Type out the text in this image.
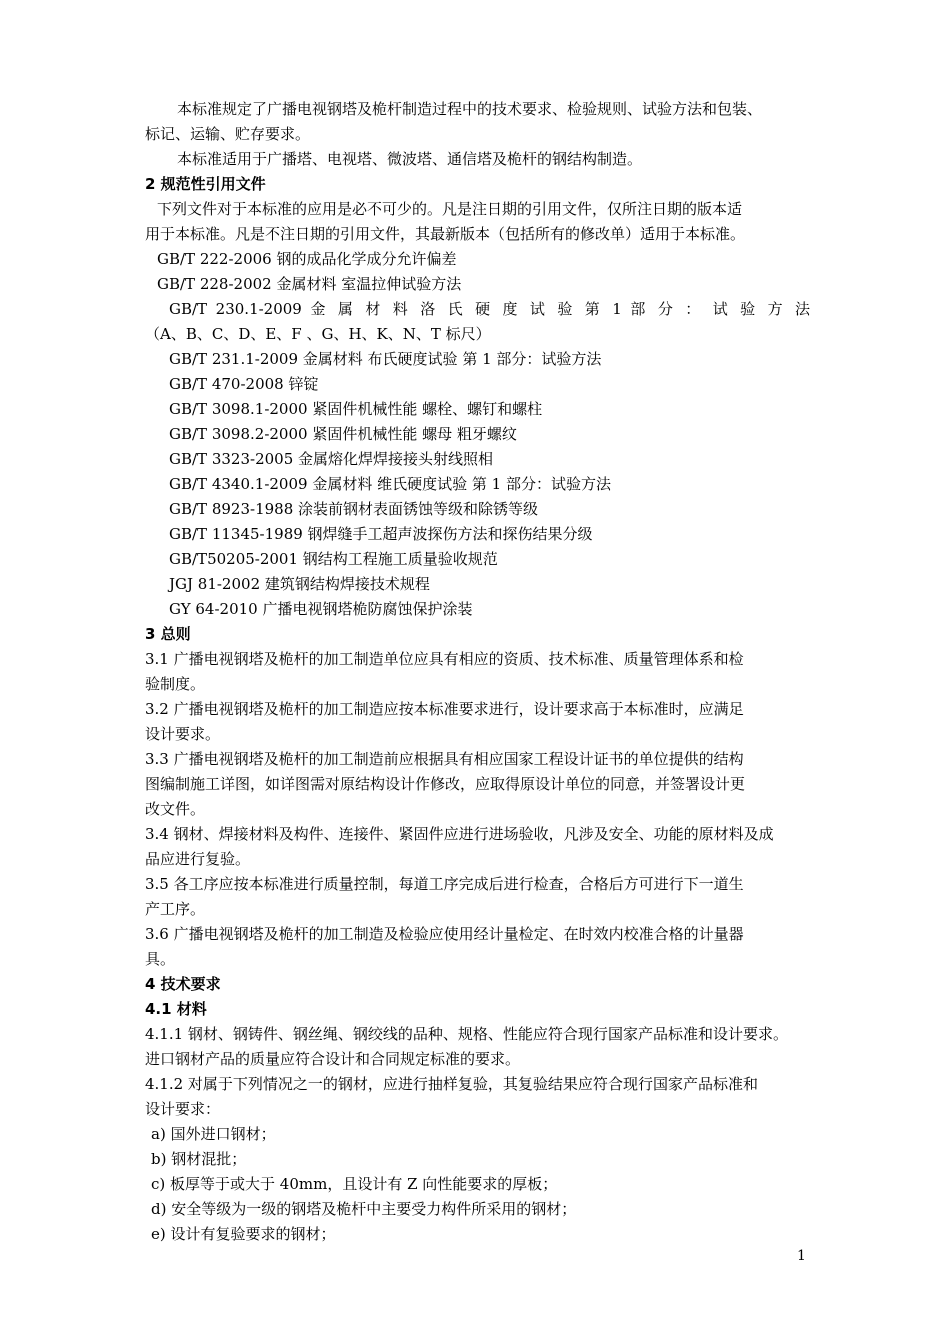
本标准规定了广播电视钢塔及桅杆制造过程中的技术要求、检验规则、试验方法和包装、
标记、运输、贮存要求。
本标准适用于广播塔、电视塔、微波塔、通信塔及桅杆的钢结构制造。
2 规范性引用文件
下列文件对于本标准的应用是必不可少的。凡是注日期的引用文件，仅所注日期的版本适
用于本标准。凡是不注日期的引用文件，其最新版本（包括所有的修改单）适用于本标准。
GB/T 222-2006 钢的成品化学成分允许偏差
GB/T 228-2002 金属材料 室温拉伸试验方法
GB/T 230.1-2009 金 属 材 料 洛 氏 硬 度 试 验 第 1 部 分 ： 试 验 方 法
（A、B、C、D、E、F 、G、H、K、N、T 标尺）
GB/T 231.1-2009 金属材料 布氏硬度试验 第 1 部分：试验方法
GB/T 470-2008 锌锭
GB/T 3098.1-2000 紧固件机械性能 螺栓、螺钉和螺柱
GB/T 3098.2-2000 紧固件机械性能 螺母 粗牙螺纹
GB/T 3323-2005 金属熔化焊焊接接头射线照相
GB/T 4340.1-2009 金属材料 维氏硬度试验 第 1 部分：试验方法
GB/T 8923-1988 涂装前钢材表面锈蚀等级和除锈等级
GB/T 11345-1989 钢焊缝手工超声波探伤方法和探伤结果分级
GB/T50205-2001 钢结构工程施工质量验收规范
JGJ 81-2002 建筑钢结构焊接技术规程
GY 64-2010 广播电视钢塔桅防腐蚀保护涂装
3 总则
3.1 广播电视钢塔及桅杆的加工制造单位应具有相应的资质、技术标准、质量管理体系和检
验制度。
3.2 广播电视钢塔及桅杆的加工制造应按本标准要求进行，设计要求高于本标准时，应满足
设计要求。
3.3 广播电视钢塔及桅杆的加工制造前应根据具有相应国家工程设计证书的单位提供的结构
图编制施工详图，如详图需对原结构设计作修改，应取得原设计单位的同意，并签署设计更
改文件。
3.4 钢材、焊接材料及构件、连接件、紧固件应进行进场验收，凡涉及安全、功能的原材料及成
品应进行复验。
3.5 各工序应按本标准进行质量控制，每道工序完成后进行检查，合格后方可进行下一道生
产工序。
3.6 广播电视钢塔及桅杆的加工制造及检验应使用经计量检定、在时效内校准合格的计量器
具。
4 技术要求
4.1 材料
4.1.1 钢材、钢铸件、钢丝绳、钢绞线的品种、规格、性能应符合现行国家产品标准和设计要求。
进口钢材产品的质量应符合设计和合同规定标准的要求。
4.1.2 对属于下列情况之一的钢材，应进行抽样复验，其复验结果应符合现行国家产品标准和
设计要求：
a) 国外进口钢材；
b) 钢材混批；
c) 板厚等于或大于 40mm，且设计有 Z 向性能要求的厚板；
d) 安全等级为一级的钢塔及桅杆中主要受力构件所采用的钢材；
e) 设计有复验要求的钢材；
1
